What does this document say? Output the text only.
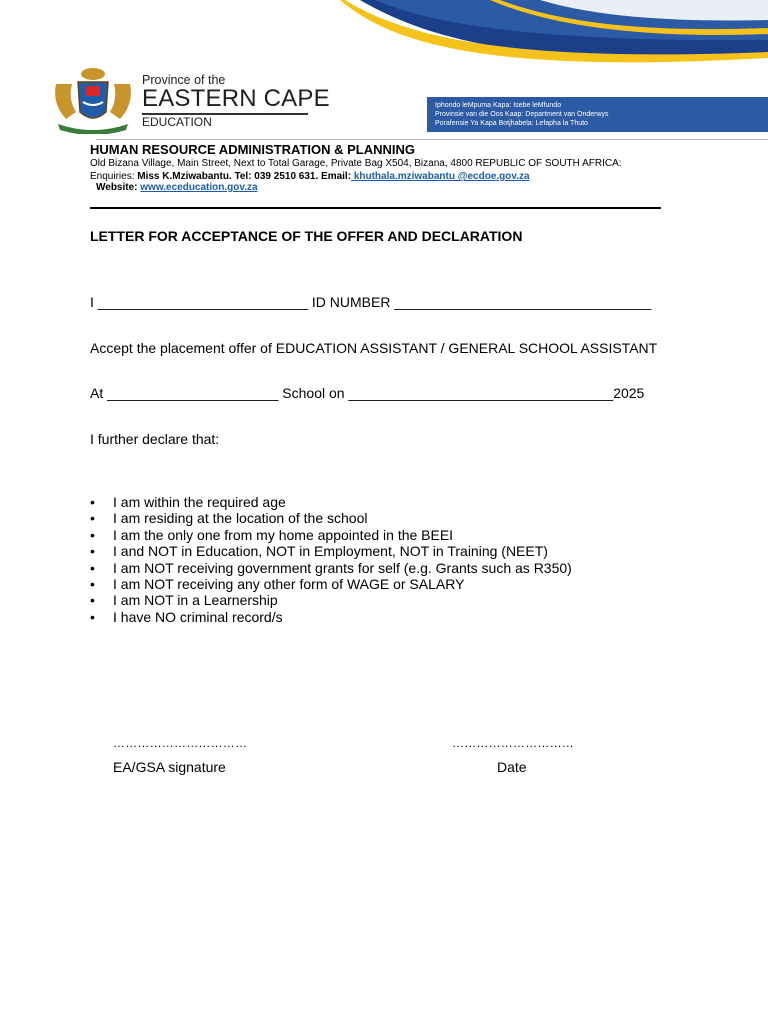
Province of the
EASTERN CAPE
EDUCATION
Iphondo leMpuma Kapa: Isebe leMfundo
Provinsie van die Oos Kaap: Department van Onderwys
Porafensie Ya Kapa Botjhabela: Lefapha la Thuto
HUMAN RESOURCE ADMINISTRATION & PLANNING
Old Bizana Village, Main Street, Next to Total Garage, Private Bag X504, Bizana, 4800 REPUBLIC OF SOUTH AFRICA:
Enquiries: Miss K.Mziwabantu. Tel: 039 2510 631. Email: khuthala.mziwabantu @ecdoe.gov.za
Website: www.eceducation.gov.za
LETTER FOR ACCEPTANCE OF THE OFFER AND DECLARATION
I ___________________________ ID NUMBER _________________________________
Accept the placement offer of EDUCATION ASSISTANT / GENERAL SCHOOL ASSISTANT
At ______________________ School on __________________________________2025
I further declare that:
• I am within the required age
• I am residing at the location of the school
• I am the only one from my home appointed in the BEEI
• I and NOT in Education, NOT in Employment, NOT in Training (NEET)
• I am NOT receiving government grants for self (e.g. Grants such as R350)
• I am NOT receiving any other form of WAGE or SALARY
• I am NOT in a Learnership
• I have NO criminal record/s
……………………………	…………………………
EA/GSA signature	Date
